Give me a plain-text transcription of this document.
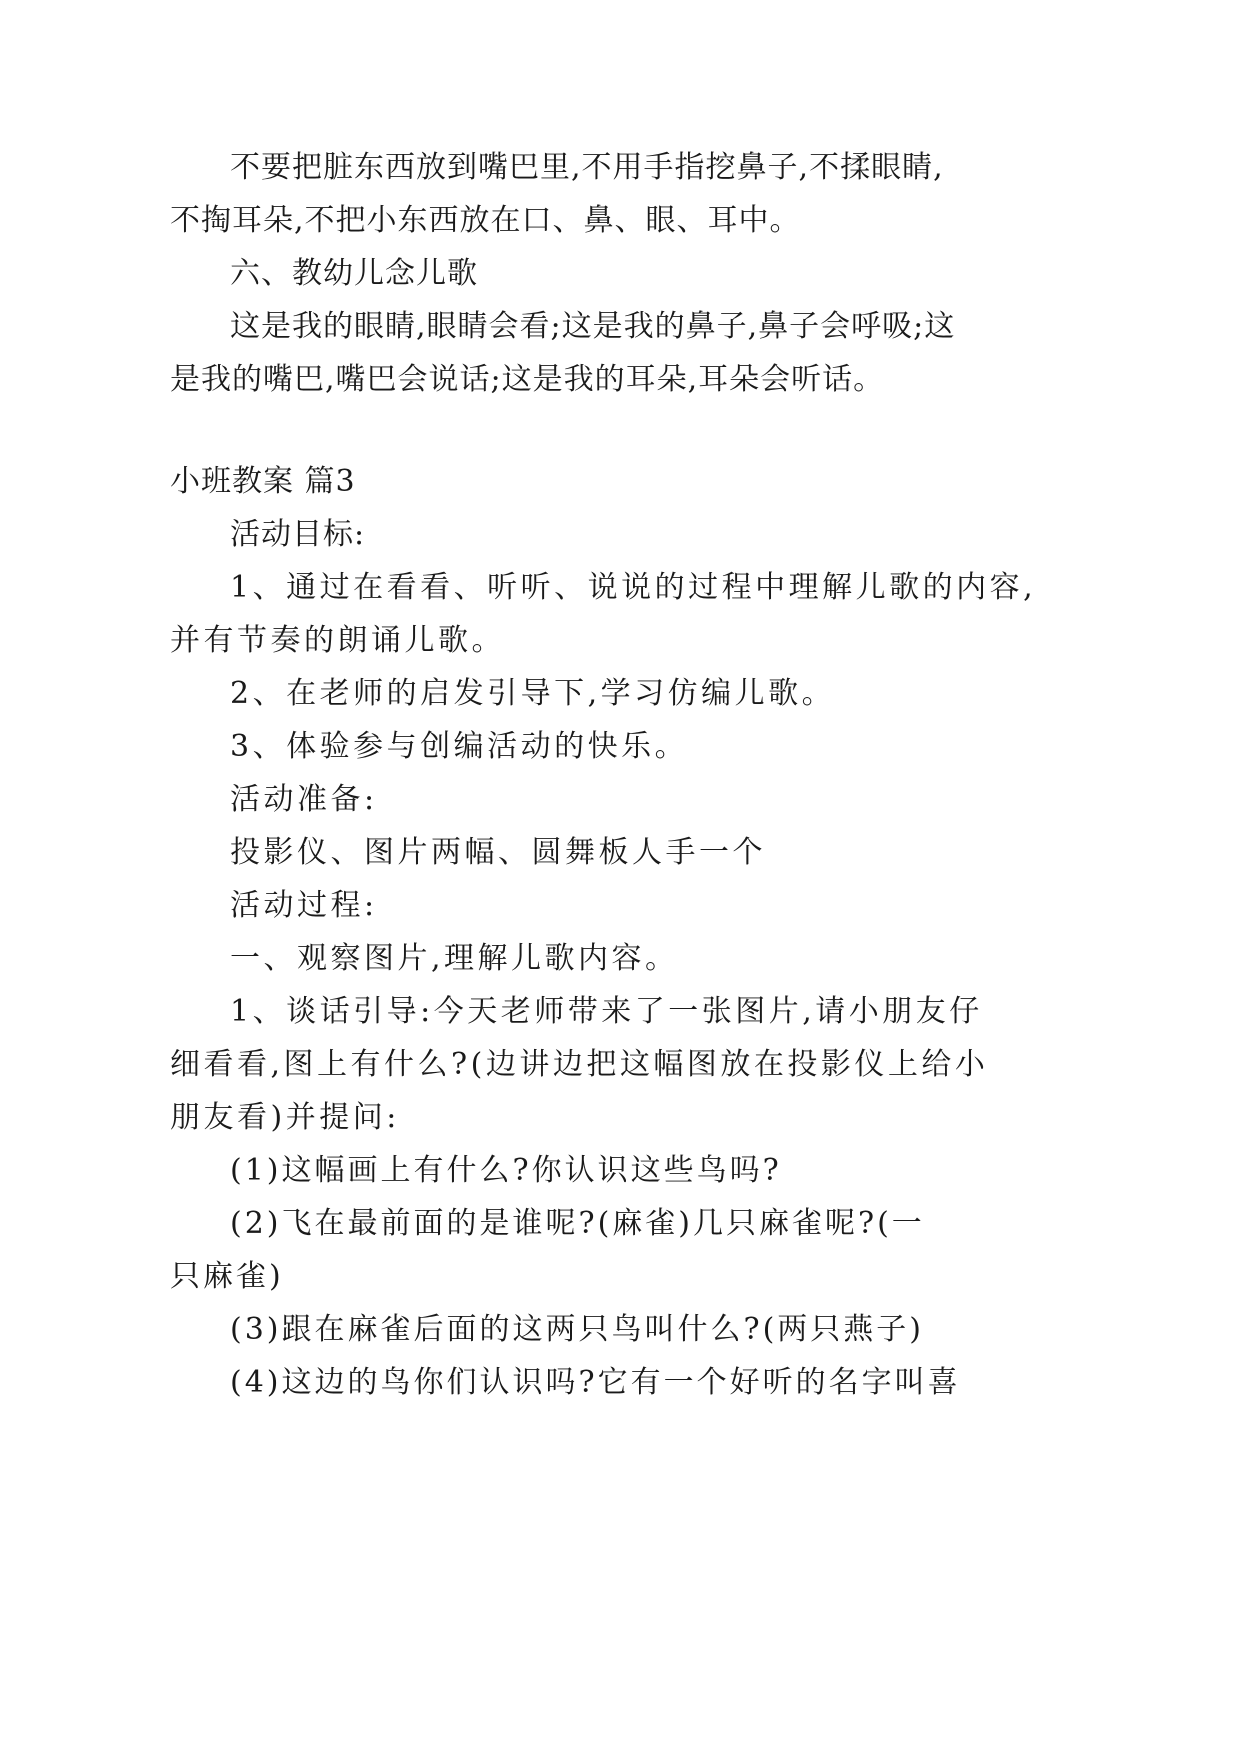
不要把脏东西放到嘴巴里,不用手指挖鼻子,不揉眼睛,

不掏耳朵,不把小东西放在口、鼻、眼、耳中。

六、教幼儿念儿歌

这是我的眼睛,眼睛会看;这是我的鼻子,鼻子会呼吸;这

是我的嘴巴,嘴巴会说话;这是我的耳朵,耳朵会听话。

小班教案 篇3

活动目标:

1、通过在看看、听听、说说的过程中理解儿歌的内容,

并有节奏的朗诵儿歌。

2、在老师的启发引导下,学习仿编儿歌。

3、体验参与创编活动的快乐。

活动准备:

投影仪、图片两幅、圆舞板人手一个

活动过程:

一、观察图片,理解儿歌内容。

1、谈话引导:今天老师带来了一张图片,请小朋友仔

细看看,图上有什么?(边讲边把这幅图放在投影仪上给小

朋友看)并提问:

(1)这幅画上有什么?你认识这些鸟吗?

(2)飞在最前面的是谁呢?(麻雀)几只麻雀呢?(一

只麻雀)

(3)跟在麻雀后面的这两只鸟叫什么?(两只燕子)

(4)这边的鸟你们认识吗?它有一个好听的名字叫喜
